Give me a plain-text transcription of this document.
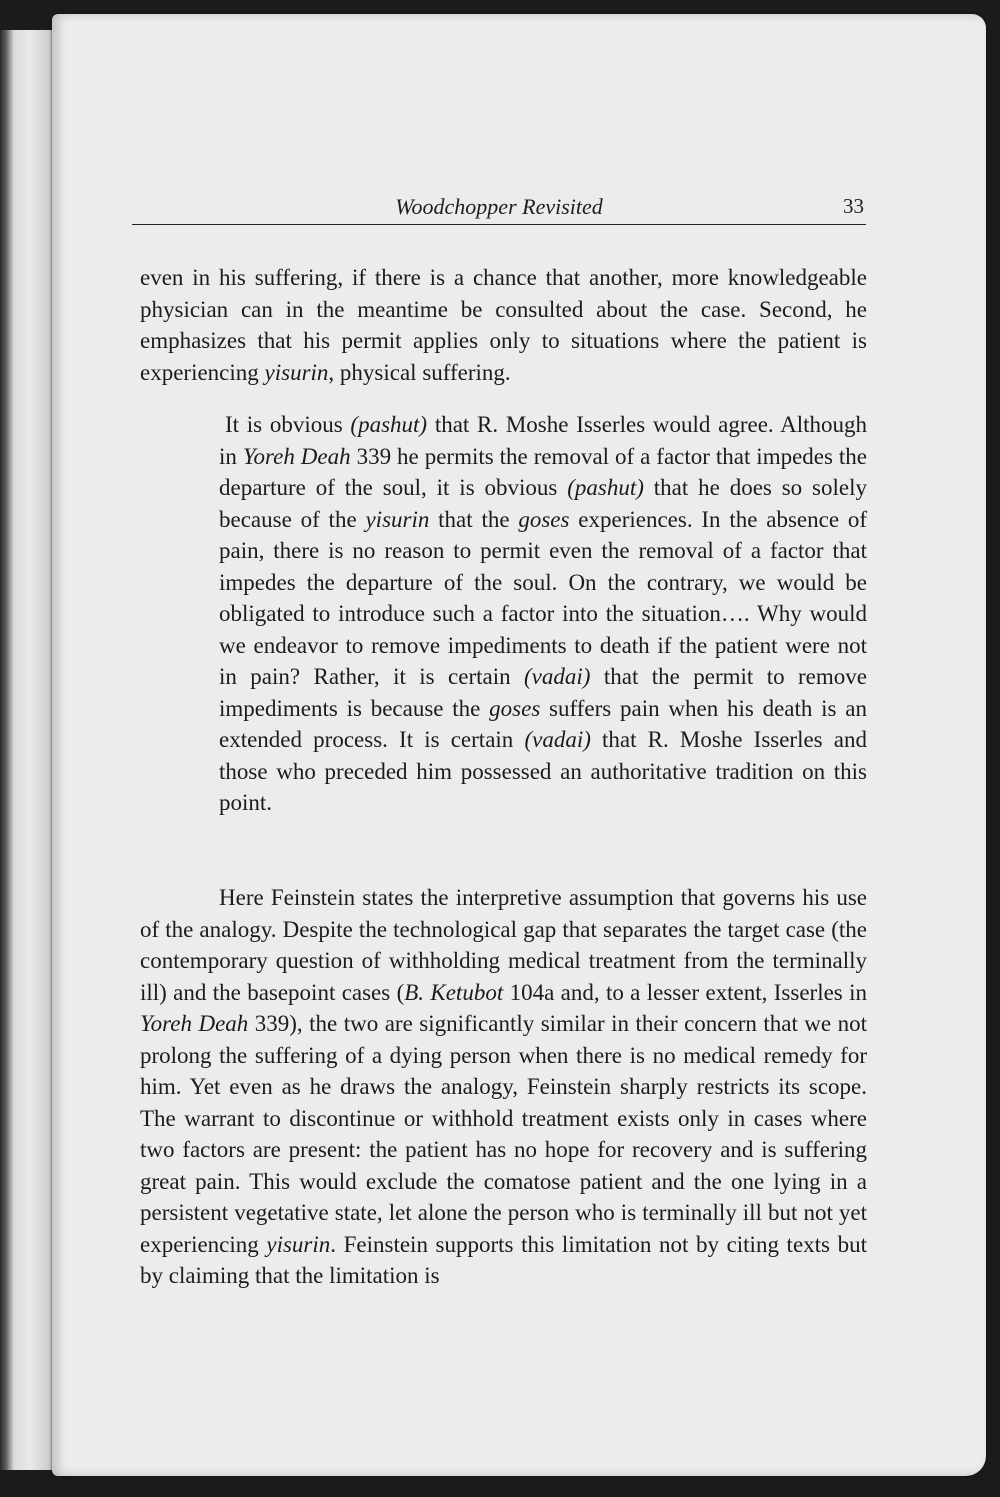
Woodchopper Revisited	33

even in his suffering, if there is a chance that another, more knowledgeable physician can in the meantime be consulted about the case. Second, he emphasizes that his permit applies only to situations where the patient is experiencing yisurin, physical suffering.

It is obvious (pashut) that R. Moshe Isserles would agree. Although in Yoreh Deah 339 he permits the removal of a factor that impedes the departure of the soul, it is obvious (pashut) that he does so solely because of the yisurin that the goses experiences. In the absence of pain, there is no reason to permit even the removal of a factor that impedes the departure of the soul. On the contrary, we would be obligated to introduce such a factor into the situation…. Why would we endeavor to remove impediments to death if the patient were not in pain? Rather, it is certain (vadai) that the permit to remove impediments is because the goses suffers pain when his death is an extended process. It is certain (vadai) that R. Moshe Isserles and those who preceded him possessed an authoritative tradition on this point.

Here Feinstein states the interpretive assumption that governs his use of the analogy. Despite the technological gap that separates the target case (the contemporary question of withholding medical treatment from the terminally ill) and the basepoint cases (B. Ketubot 104a and, to a lesser extent, Isserles in Yoreh Deah 339), the two are significantly similar in their concern that we not prolong the suffering of a dying person when there is no medical remedy for him. Yet even as he draws the analogy, Feinstein sharply restricts its scope. The warrant to discontinue or withhold treatment exists only in cases where two factors are present: the patient has no hope for recovery and is suffering great pain. This would exclude the comatose patient and the one lying in a persistent vegetative state, let alone the person who is terminally ill but not yet experiencing yisurin. Feinstein supports this limitation not by citing texts but by claiming that the limitation is
